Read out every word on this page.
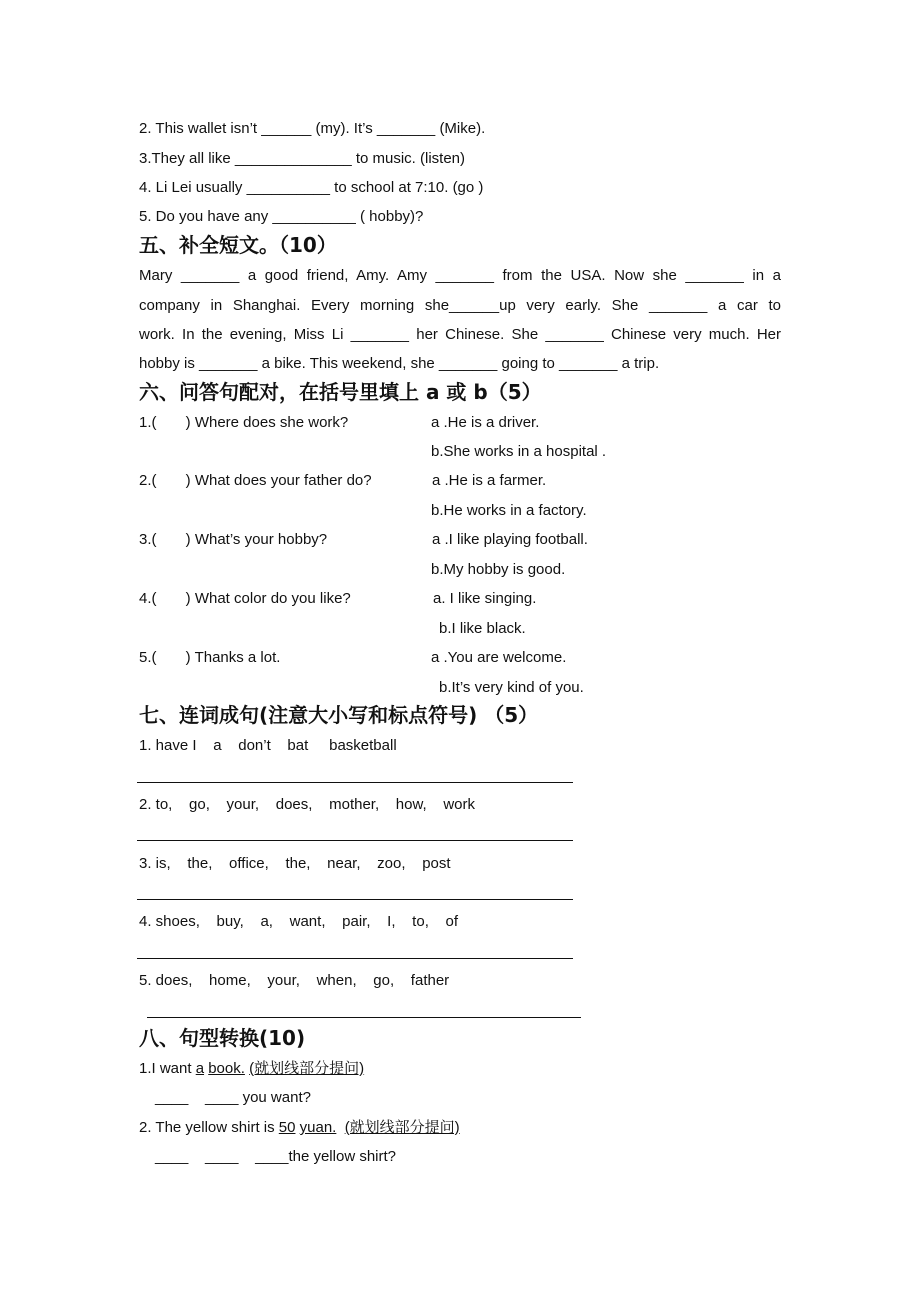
2. This wallet isn’t ______ (my). It’s _______ (Mike).
3.They all like ______________ to music. (listen)
4. Li Lei usually __________ to school at 7:10. (go )
5. Do you have any __________ ( hobby)?
五、补全短文。（10）
Mary _______ a good friend, Amy. Amy _______ from the USA. Now she _______ in a
company in Shanghai. Every morning she______up very early. She _______ a car to
work. In the evening, Miss Li _______ her Chinese. She _______ Chinese very much. Her
hobby is _______ a bike. This weekend, she _______ going to _______ a trip.
六、问答句配对，在括号里填上 a 或 b（5）
1.(       ) Where does she work?	a .He is a driver.
b.She works in a hospital .
2.(       ) What does your father do?	a .He is a farmer.
b.He works in a factory.
3.(       ) What’s your hobby?	a .I like playing football.
b.My hobby is good.
4.(       ) What color do you like?	a. I like singing.
b.I like black.
5.(       ) Thanks a lot.	a .You are welcome.
b.It’s very kind of you.
七、连词成句(注意大小写和标点符号) （5）
1. have I    a    don’t    bat     basketball
2. to,    go,    your,    does,    mother,    how,    work
3. is,    the,    office,    the,    near,    zoo,    post
4. shoes,    buy,    a,    want,    pair,    I,    to,    of
5. does,    home,    your,    when,    go,    father
八、句型转换(10)
1.I want a book. (就划线部分提问)
____    ____ you want?
2. The yellow shirt is 50 yuan. (就划线部分提问)
____    ____    ____the yellow shirt?
